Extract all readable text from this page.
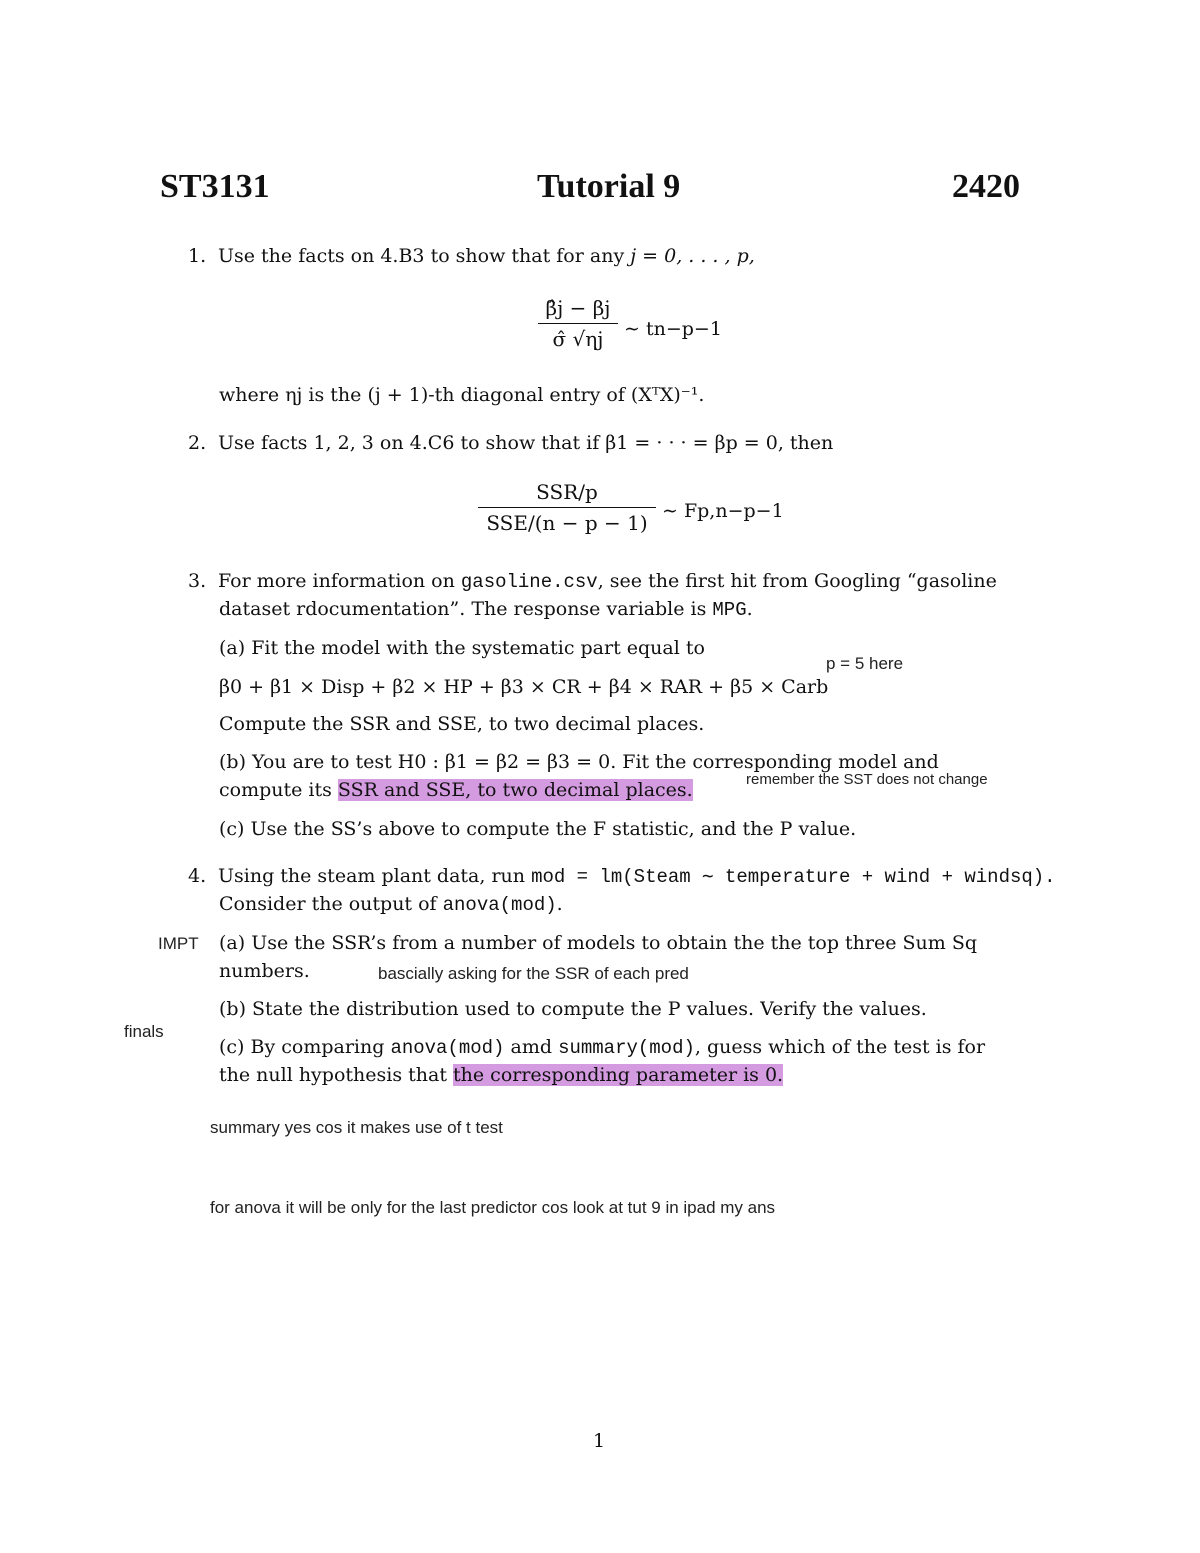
ST3131	Tutorial 9	2420
1. Use the facts on 4.B3 to show that for any j = 0, . . . , p,
β̂j − βj
σ̂ √ηj	∼ tn−p−1
where ηj is the (j + 1)-th diagonal entry of (XᵀX)⁻¹.
2. Use facts 1, 2, 3 on 4.C6 to show that if β1 = · · · = βp = 0, then
SSR/p
SSE/(n − p − 1) ∼ Fp,n−p−1
3. For more information on gasoline.csv, see the first hit from Googling “gasoline
dataset rdocumentation”. The response variable is MPG.
(a) Fit the model with the systematic part equal to
p = 5 here
β0 + β1 × Disp + β2 × HP + β3 × CR + β4 × RAR + β5 × Carb
Compute the SSR and SSE, to two decimal places.
(b) You are to test H0 : β1 = β2 = β3 = 0. Fit the corresponding model and
remember the SST does not change
compute its SSR and SSE, to two decimal places.
(c) Use the SS’s above to compute the F statistic, and the P value.
4. Using the steam plant data, run mod = lm(Steam ∼ temperature + wind + windsq).
Consider the output of anova(mod).
IMPT (a) Use the SSR’s from a number of models to obtain the the top three Sum Sq
numbers.	bascially asking for the SSR of each pred
(b) State the distribution used to compute the P values. Verify the values.
finals
(c) By comparing anova(mod) amd summary(mod), guess which of the test is for
the null hypothesis that the corresponding parameter is 0.
summary yes cos it makes use of t test
for anova it will be only for the last predictor cos look at tut 9 in ipad my ans
1
